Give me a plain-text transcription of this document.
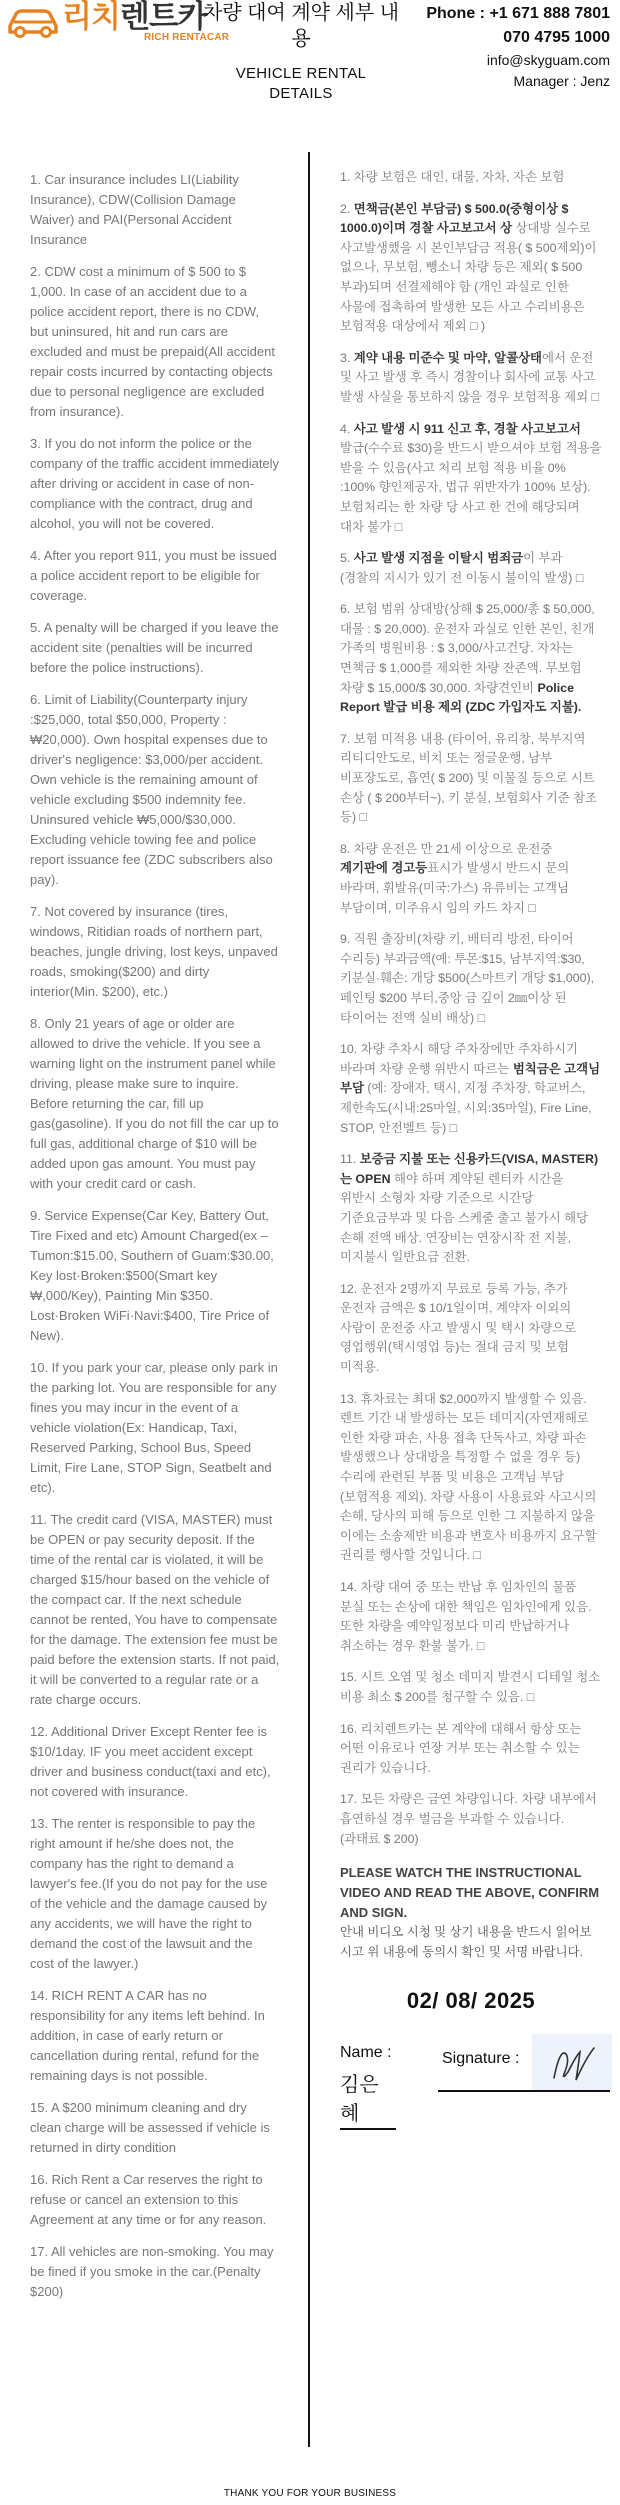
리치렌트카
RICH RENTACAR
차량 대여 계약 세부 내용
VEHICLE RENTAL DETAILS
Phone : +1 671 888 7801
070 4795 1000
info@skyguam.com
Manager : Jenz

1. Car insurance includes LI(Liability Insurance), CDW(Collision Damage Waiver) and PAI(Personal Accident Insurance

2. CDW cost a minimum of $ 500 to $ 1,000. In case of an accident due to a police accident report, there is no CDW, but uninsured, hit and run cars are excluded and must be prepaid(All accident repair costs incurred by contacting objects due to personal negligence are excluded from insurance).

3. If you do not inform the police or the company of the traffic accident immediately after driving or accident in case of non-compliance with the contract, drug and alcohol, you will not be covered.

4. After you report 911, you must be issued a police accident report to be eligible for coverage.

5. A penalty will be charged if you leave the accident site (penalties will be incurred before the police instructions).

6. Limit of Liability(Counterparty injury :$25,000, total $50,000, Property :₩20,000). Own hospital expenses due to driver's negligence: $3,000/per accident. Own vehicle is the remaining amount of vehicle excluding $500 indemnity fee. Uninsured vehicle ₩5,000/$30,000. Excluding vehicle towing fee and police report issuance fee (ZDC subscribers also pay).

7. Not covered by insurance (tires, windows, Ritidian roads of northern part, beaches, jungle driving, lost keys, unpaved roads, smoking($200) and dirty interior(Min. $200), etc.)

8. Only 21 years of age or older are allowed to drive the vehicle. If you see a warning light on the instrument panel while driving, please make sure to inquire. Before returning the car, fill up gas(gasoline). If you do not fill the car up to full gas, additional charge of $10 will be added upon gas amount. You must pay with your credit card or cash.

9. Service Expense(Car Key, Battery Out, Tire Fixed and etc) Amount Charged(ex – Tumon:$15.00, Southern of Guam:$30.00, Key lost·Broken:$500(Smart key ₩,000/Key), Painting Min $350. Lost·Broken WiFi·Navi:$400, Tire Price of New).

10. If you park your car, please only park in the parking lot. You are responsible for any fines you may incur in the event of a vehicle violation(Ex: Handicap, Taxi, Reserved Parking, School Bus, Speed Limit, Fire Lane, STOP Sign, Seatbelt and etc).

11. The credit card (VISA, MASTER) must be OPEN or pay security deposit. If the time of the rental car is violated, it will be charged $15/hour based on the vehicle of the compact car. If the next schedule cannot be rented, You have to compensate for the damage. The extension fee must be paid before the extension starts. If not paid, it will be converted to a regular rate or a rate charge occurs.

12. Additional Driver Except Renter fee is $10/1day. IF you meet accident except driver and business conduct(taxi and etc), not covered with insurance.

13. The renter is responsible to pay the right amount if he/she does not, the company has the right to demand a lawyer's fee.(If you do not pay for the use of the vehicle and the damage caused by any accidents, we will have the right to demand the cost of the lawsuit and the cost of the lawyer.)

14. RICH RENT A CAR has no responsibility for any items left behind. In addition, in case of early return or cancellation during rental, refund for the remaining days is not possible.

15. A $200 minimum cleaning and dry clean charge will be assessed if vehicle is returned in dirty condition

16. Rich Rent a Car reserves the right to refuse or cancel an extension to this Agreement at any time or for any reason.

17. All vehicles are non-smoking. You may be fined if you smoke in the car.(Penalty $200)

1. 차량 보험은 대인, 대물, 자차, 자손 보험

2. 면책금(본인 부담금) $ 500.0(중형이상 $ 1000.0)이며 경찰 사고보고서 상 상대방 실수로 사고발생했을 시 본인부담금 적용( $ 500제외)이 없으나, 무보험, 뺑소니 차량 등은 제외( $ 500 부과)되며 선결제해야 함 (개인 과실로 인한 사물에 접촉하여 발생한 모든 사고 수리비용은 보험적용 대상에서 제외 □ )

3. 계약 내용 미준수 및 마약, 알콜상태에서 운전 및 사고 발생 후 즉시 경찰이나 회사에 교통 사고 발생 사실을 통보하지 않을 경우 보험적용 제외 □

4. 사고 발생 시 911 신고 후, 경찰 사고보고서 발급(수수료 $30)을 반드시 받으셔야 보험 적용을 받을 수 있음(사고 처리 보험 적용 비율 0% :100% 향인제공자, 법규 위반자가 100% 보상). 보험처리는 한 차량 당 사고 한 건에 해당되며 대차 불가 □

5. 사고 발생 지점을 이탈시 범죄금이 부과(경찰의 지시가 있기 전 이동시 불이익 발생) □

6. 보험 범위 상대방(상해 $ 25,000/총 $ 50,000, 대물 : $ 20,000). 운전자 과실로 인한 본인, 친개 가족의 병원비용 : $ 3,000/사고건당. 자차는 면책금 $ 1,000를 제외한 차량 잔존액. 무보험 차량 $ 15,000/$ 30,000. 차량견인비 Police Report 발급 비용 제외 (ZDC 가입자도 지불).

7. 보험 미적용 내용 (타이어, 유리창, 북부지역 리티디안도로, 비치 또는 정글운행, 남부 비포장도로, 흡연( $ 200) 및 이물질 등으로 시트 손상 ( $ 200부터~), 키 분실, 보험회사 기준 참조 등) □

8. 차량 운전은 만 21세 이상으로 운전중 계기판에 경고등표시가 발생시 반드시 문의 바라며, 휘발유(미국:가스) 유류비는 고객님 부담이며, 미주유시 임의 카드 차지 □

9. 직원 출장비(차량 키, 배터리 방전, 타이어 수리등) 부과금액(예: 투몬:$15, 남부지역:$30, 키분실·훼손: 개당 $500(스마트키 개당 $1,000), 페인팅 $200 부터,중앙 금 깊이 2㎜이상 된 타이어는 전액 실비 배상) □

10. 차량 주차시 해당 주차장에만 주차하시기 바라며 차량 운행 위반시 따르는 범칙금은 고객님 부담 (예: 장애자, 택시, 지정 주차장, 학교버스, 제한속도(시내:25마일, 시외:35마일), Fire Line, STOP, 안전벨트 등) □

11. 보증금 지불 또는 신용카드(VISA, MASTER)는 OPEN 해야 하며 계약된 렌터카 시간을 위반시 소형차 차량 기준으로 시간당 기준요금부과 및 다음 스케줄 출고 불가시 해당 손해 전액 배상. 연장비는 연장시작 전 지불, 미지불시 일반요금 전환.

12. 운전자 2명까지 무료로 등록 가능, 추가 운전자 금액은 $ 10/1일이며, 계약자 이외의 사람이 운전중 사고 발생시 및 택시 차량으로 영업행위(택시영업 등)는 절대 금지 및 보험 미적용.

13. 휴차료는 최대 $2,000까지 발생할 수 있음. 렌트 기간 내 발생하는 모든 데미지(자연재해로 인한 차량 파손, 사용 접촉 단독사고, 차량 파손 발생했으나 상대방을 특정할 수 없을 경우 등) 수리에 관련된 부품 및 비용은 고객님 부담(보험적용 제외). 차량 사용이 사용료와 사고시의 손해, 당사의 피해 등으로 인한 그 지불하지 않을 이에는 소송제반 비용과 변호사 비용까지 요구할 권리를 행사할 것입니다. □

14. 차량 대여 중 또는 반납 후 임차인의 물품 분실 또는 손상에 대한 책임은 임차인에게 있음. 또한 차량을 예약일정보다 미리 반납하거나 취소하는 경우 환불 불가. □

15. 시트 오염 및 청소 데미지 발견시 디테일 청소 비용 최소 $ 200를 청구할 수 있음. □

16. 리치렌트카는 본 계약에 대해서 항상 또는 어떤 이유로나 연장 거부 또는 취소할 수 있는 권리가 있습니다.

17. 모든 차량은 금연 차량입니다. 차량 내부에서 흡연하실 경우 벌금을 부과할 수 있습니다. (과태료 $ 200)

PLEASE WATCH THE INSTRUCTIONAL VIDEO AND READ THE ABOVE, CONFIRM AND SIGN.

안내 비디오 시청 및 상기 내용을 반드시 읽어보시고 위 내용에 동의시 확인 및 서명 바랍니다.

02/ 08/ 2025
Name :
김은혜
Signature :
THANK YOU FOR YOUR BUSINESS
